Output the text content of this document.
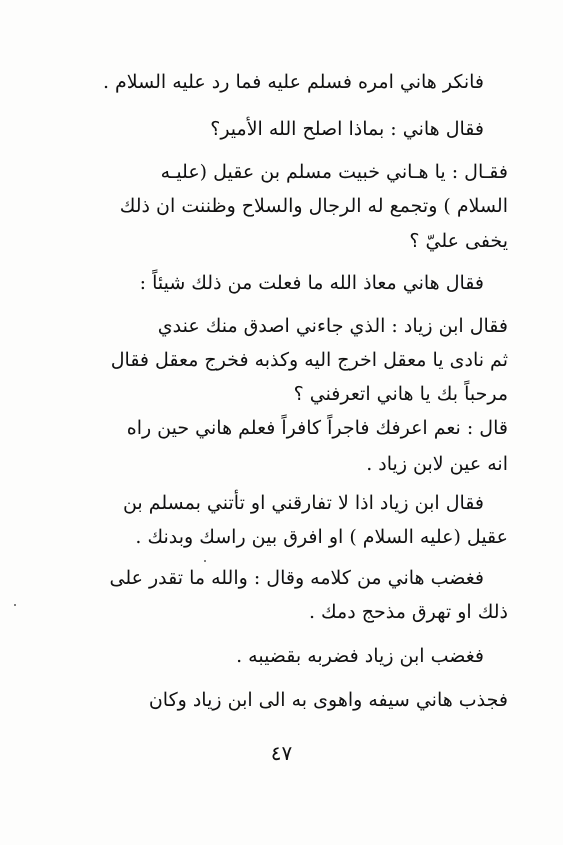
فانكر هاني امره فسلم عليه فما رد عليه السلام .
فقال هاني : بماذا اصلح الله الأمير؟
فقـال : يا هـاني خبيت مسلم بن عقيل (عليـه
السلام ) وتجمع له الرجال والسلاح وظننت ان ذلك
يخفى عليّ ؟
فقال هاني معاذ الله ما فعلت من ذلك شيئاً :
فقال ابن زياد : الذي جاءني اصدق منك عندي
ثم نادى يا معقل اخرج اليه وكذبه فخرج معقل فقال
مرحباً بك يا هاني اتعرفني ؟
قال : نعم اعرفك فاجراً كافراً فعلم هاني حين راه
انه عين لابن زياد .
فقال ابن زياد اذا لا تفارقني او تأتني بمسلم بن
عقيل (عليه السلام ) او افرق بين راسك وبدنك .
فغضب هاني من كلامه وقال : والله ما تقدر على
ذلك او تهرق مذحج دمك .
فغضب ابن زياد فضربه بقضيبه .
فجذب هاني سيفه واهوى به الى ابن زياد وكان
٤٧
